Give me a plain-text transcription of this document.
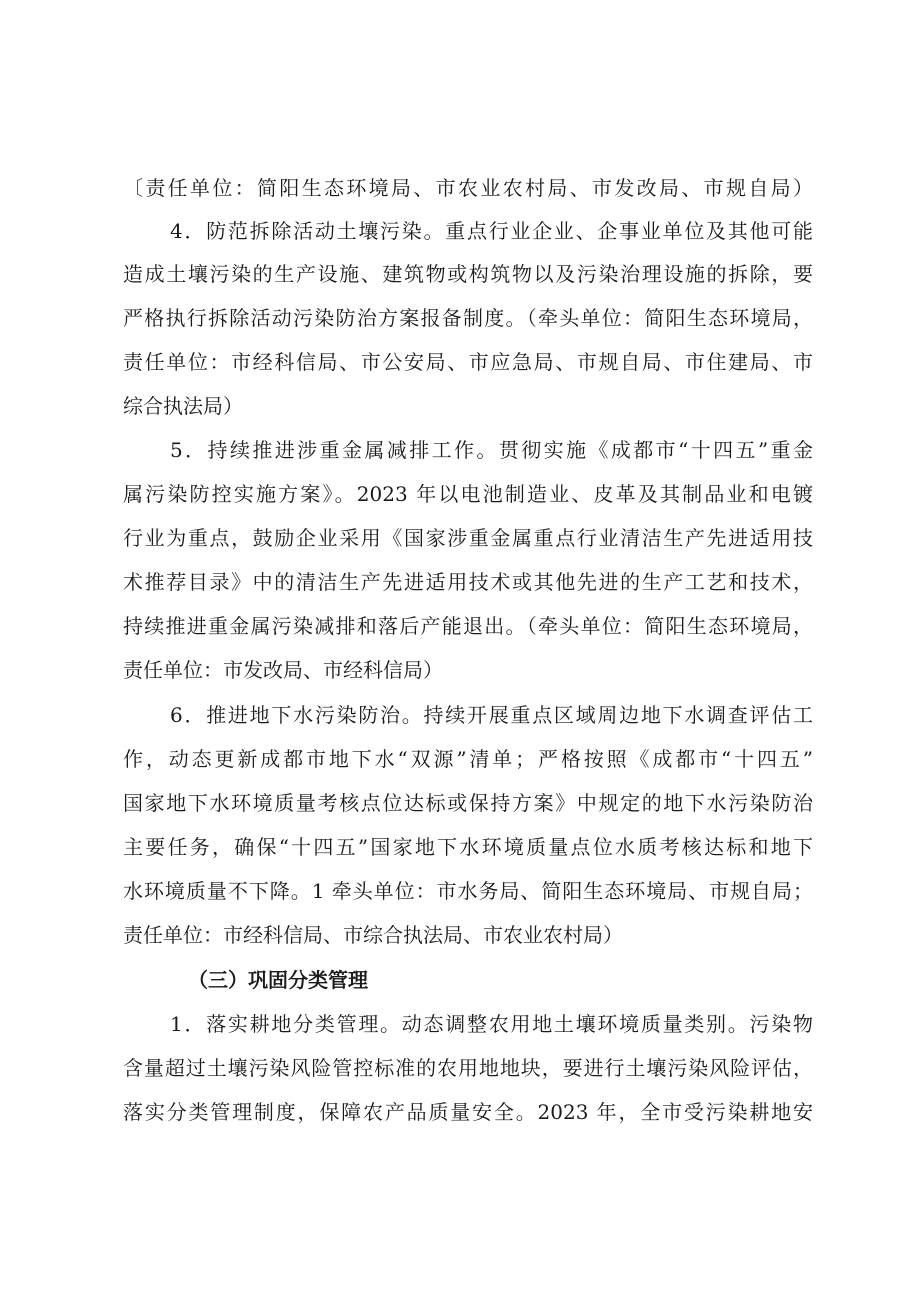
〔责任单位：简阳生态环境局、市农业农村局、市发改局、市规自局）
4．防范拆除活动土壤污染。重点行业企业、企事业单位及其他可能
造成土壤污染的生产设施、建筑物或构筑物以及污染治理设施的拆除，要
严格执行拆除活动污染防治方案报备制度。（牵头单位：简阳生态环境局，
责任单位：市经科信局、市公安局、市应急局、市规自局、市住建局、市
综合执法局）
5．持续推进涉重金属减排工作。贯彻实施《成都市“十四五”重金
属污染防控实施方案》。2023 年以电池制造业、皮革及其制品业和电镀
行业为重点，鼓励企业采用《国家涉重金属重点行业清洁生产先进适用技
术推荐目录》中的清洁生产先进适用技术或其他先进的生产工艺和技术，
持续推进重金属污染减排和落后产能退出。（牵头单位：简阳生态环境局，
责任单位：市发改局、市经科信局）
6．推进地下水污染防治。持续开展重点区域周边地下水调查评估工
作，动态更新成都市地下水“双源”清单；严格按照《成都市“十四五”
国家地下水环境质量考核点位达标或保持方案》中规定的地下水污染防治
主要任务，确保“十四五”国家地下水环境质量点位水质考核达标和地下
水环境质量不下降。1 牵头单位：市水务局、简阳生态环境局、市规自局；
责任单位：市经科信局、市综合执法局、市农业农村局）
（三）巩固分类管理
1．落实耕地分类管理。动态调整农用地土壤环境质量类别。污染物
含量超过土壤污染风险管控标准的农用地地块，要进行土壤污染风险评估，
落实分类管理制度，保障农产品质量安全。2023 年，全市受污染耕地安
